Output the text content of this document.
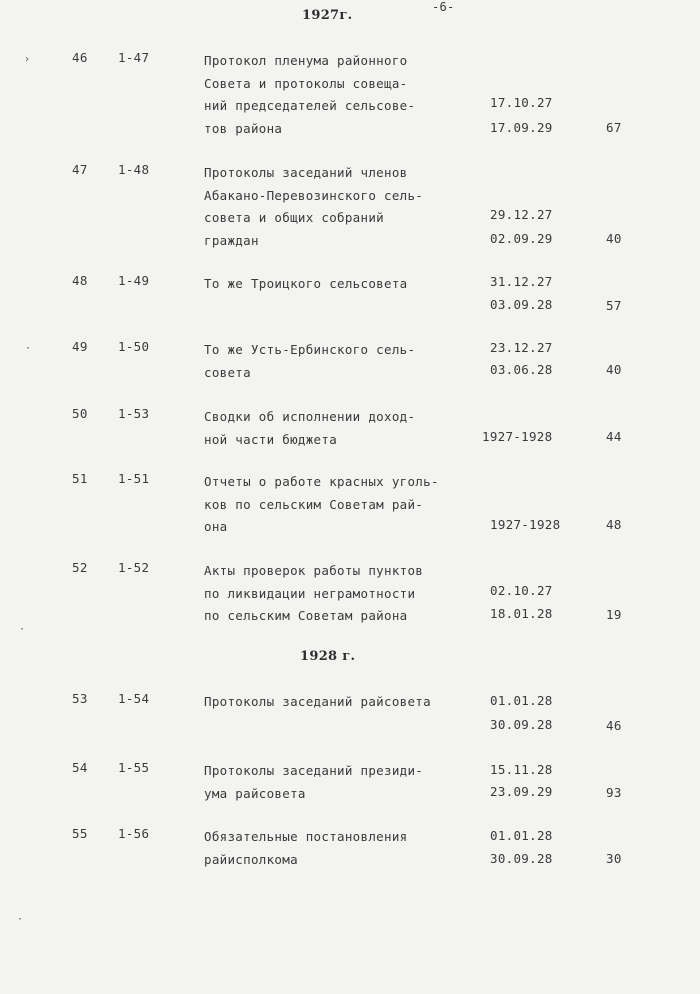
-6-
1927г.
46 1-47	Протокол пленума районного
Совета и протоколы совеща-
ний председателей сельсове-
тов района
17.10.27
17.09.29	67
47 1-48	Протоколы заседаний членов
Абакано-Перевозинского сель-
совета и общих собраний
граждан
29.12.27
02.09.29	40
48 1-49	То же Троицкого сельсовета	31.12.27
03.09.28	57
49 1-50	То же Усть-Ербинского сель-
совета
23.12.27
03.06.28	40
50 1-53	Сводки об исполнении доход-
ной части бюджета	1927-1928	44
51 1-51	Отчеты о работе красных уголь-
ков по сельским Советам рай-
она	1927-1928	48
52 1-52	Акты проверок работы пунктов
по ликвидации неграмотности
по сельским Советам района
02.10.27
18.01.28	19
1928 г.
53 1-54	Протоколы заседаний райсовета	01.01.28
30.09.28	46
54 1-55	Протоколы заседаний президи-
ума райсовета
15.11.28
23.09.29	93
55 1-56	Обязательные постановления
райисполкома
01.01.28
30.09.28	30
›
·
·
·
